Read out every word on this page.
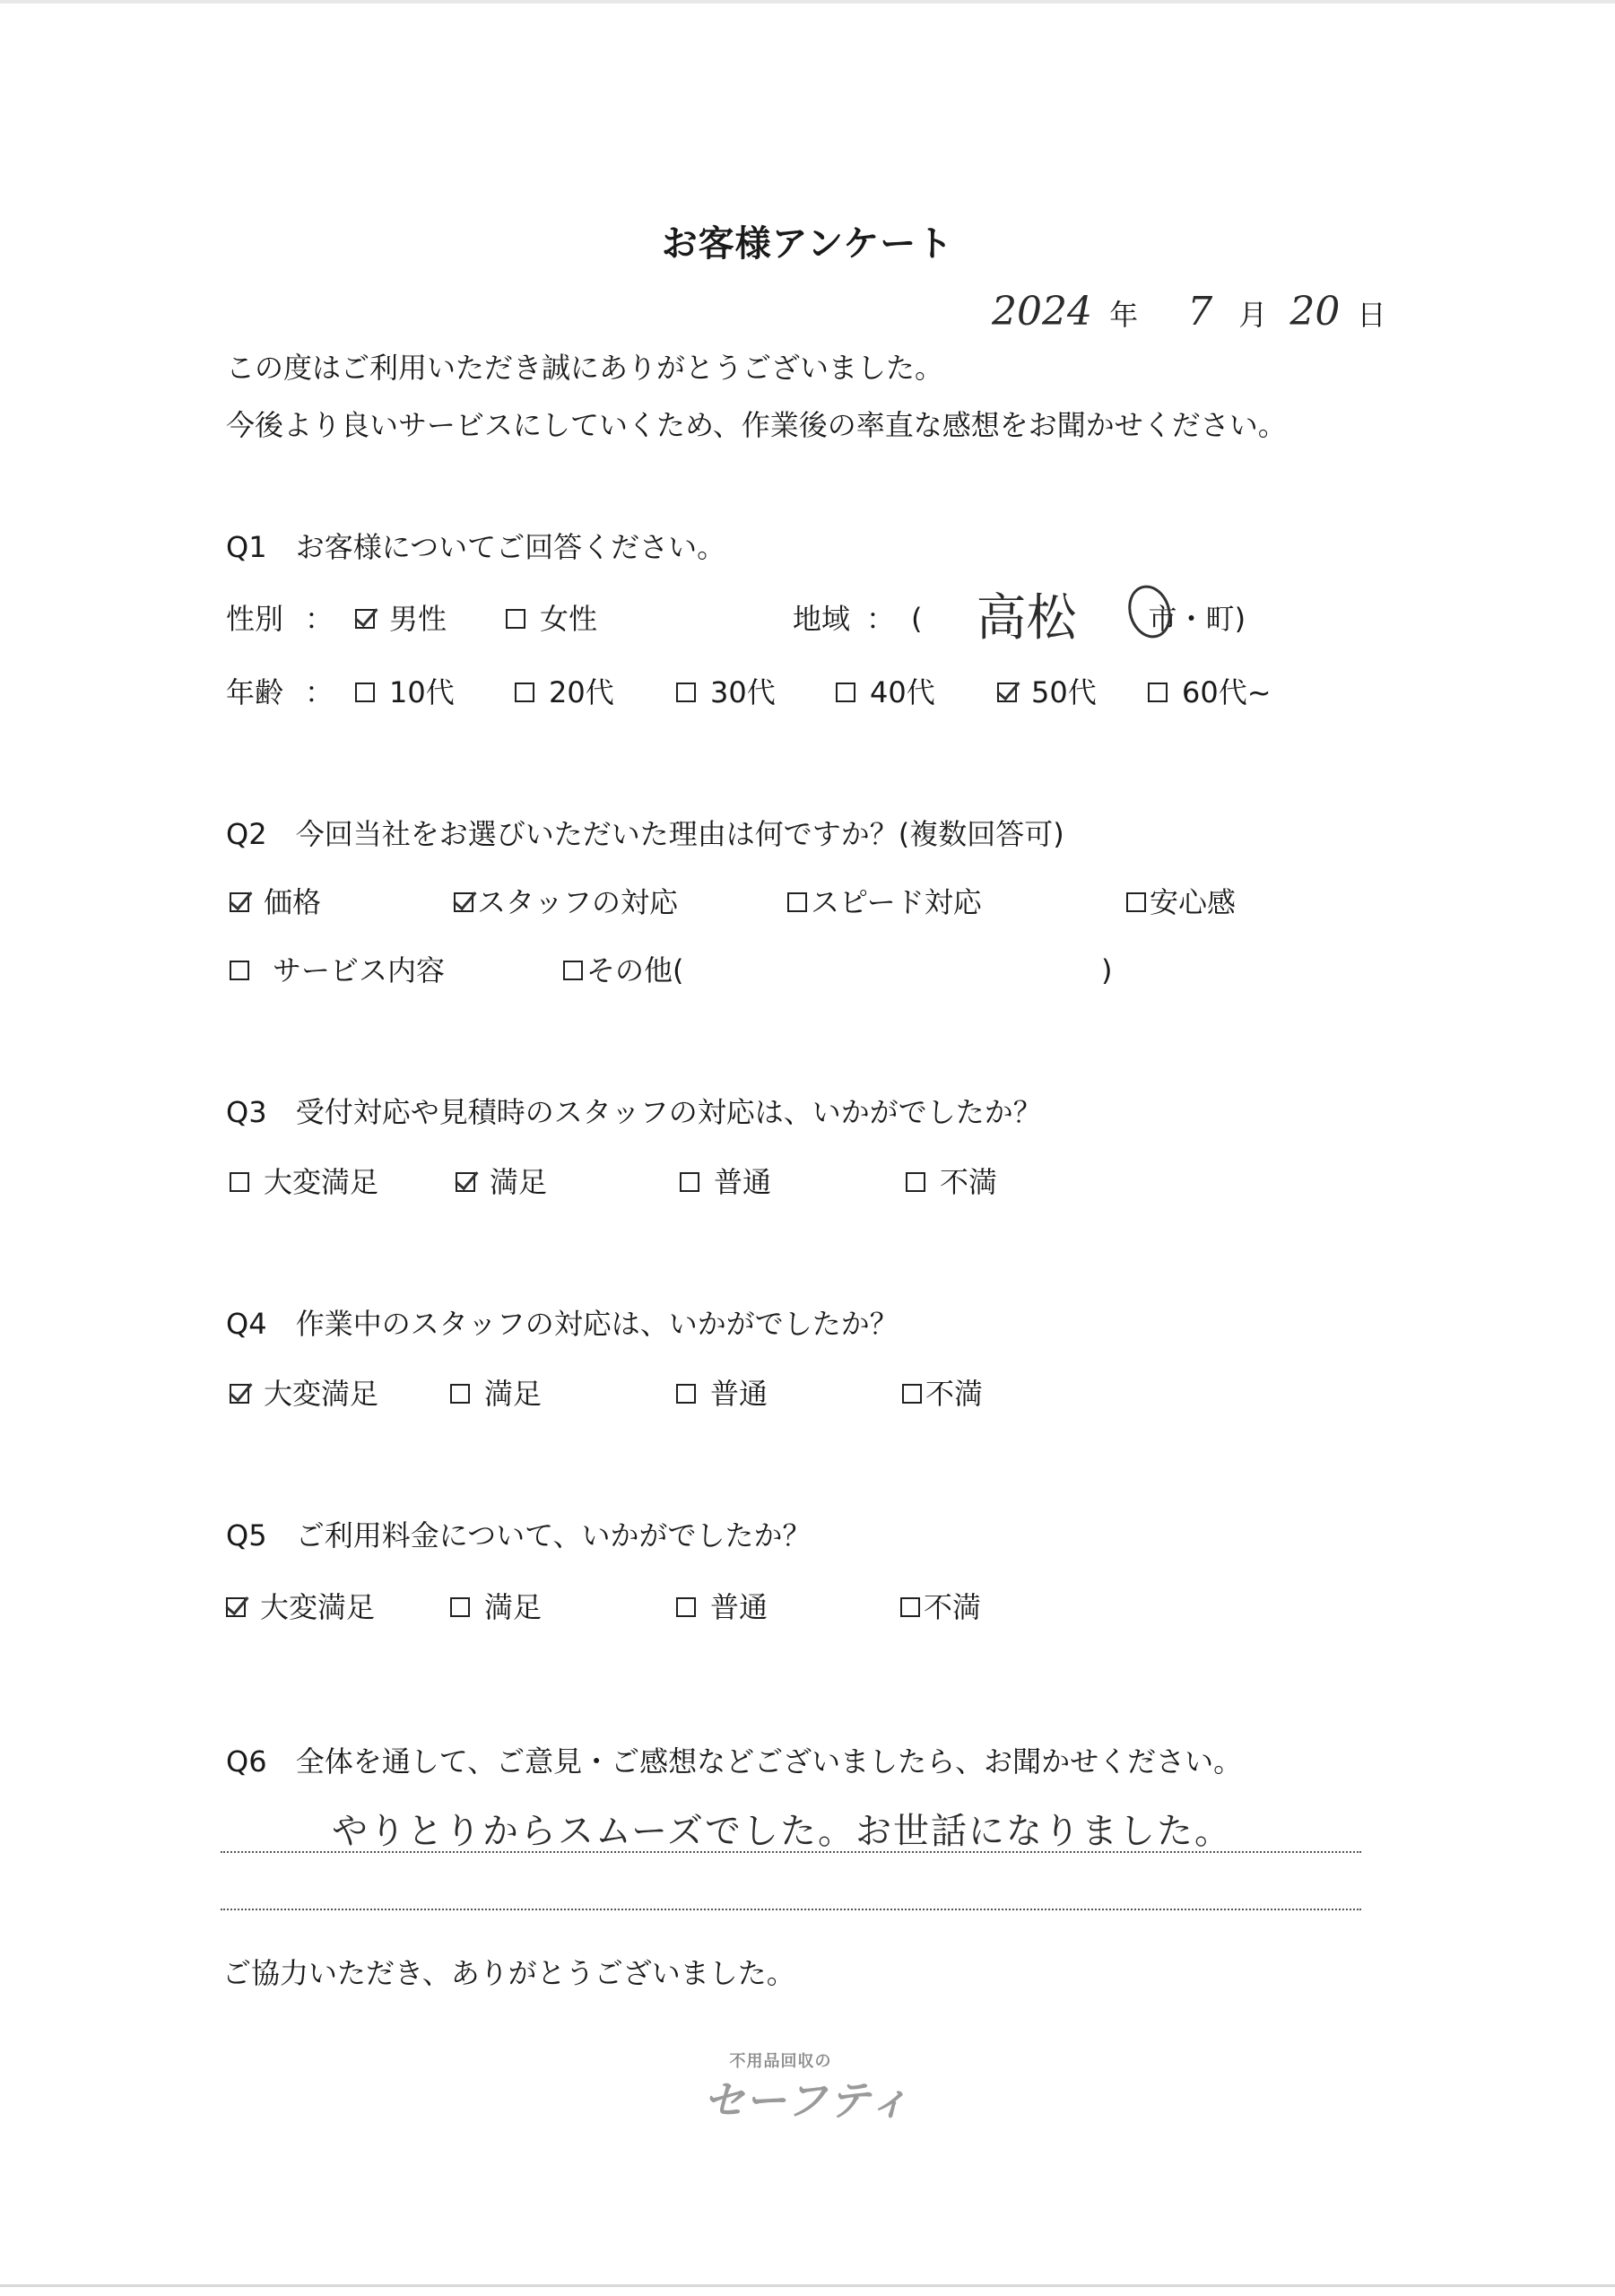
お客様アンケート
2024 年 7 月 20 日
この度はご利用いただき誠にありがとうございました。
今後より良いサービスにしていくため、作業後の率直な感想をお聞かせください。
Q1 お客様についてご回答ください。
性別 ： 男性	女性	地域 ： ( 高松	市 ・ 町 )
年齢 ： 10代	20代	30代	40代	50代	60代~
Q2 今回当社をお選びいただいた理由は何ですか？(複数回答可)
価格	スタッフの対応	スピード対応	安心感
サービス内容	その他(	)
Q3 受付対応や見積時のスタッフの対応は、いかがでしたか？
大変満足	満足	普通	不満
Q4 作業中のスタッフの対応は、いかがでしたか？
大変満足	満足	普通	不満
Q5 ご利用料金について、いかがでしたか？
大変満足	満足	普通	不満
Q6 全体を通して、ご意見・ご感想などございましたら、お聞かせください。
やりとりからスムーズでした。お世話になりました。
ご協力いただき、ありがとうございました。
不用品回収の
セーフティ
